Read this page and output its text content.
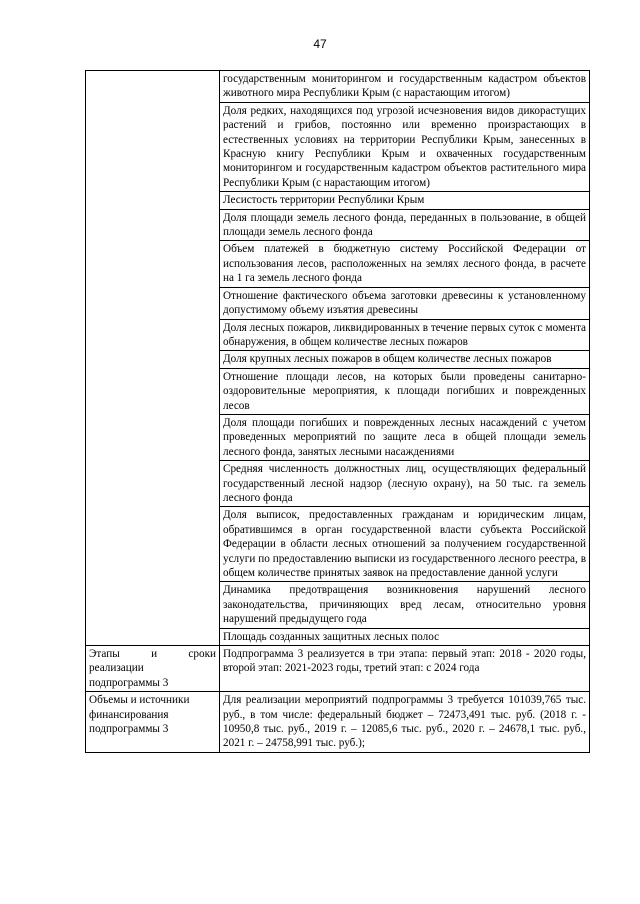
47
	государственным мониторингом и государственным кадастром объектов животного мира Республики Крым (с нарастающим итогом)
	Доля редких, находящихся под угрозой исчезновения видов дикорастущих растений и грибов, постоянно или временно произрастающих в естественных условиях на территории Республики Крым, занесенных в Красную книгу Республики Крым и охваченных государственным мониторингом и государственным кадастром объектов растительного мира Республики Крым (с нарастающим итогом)
	Лесистость территории Республики Крым
	Доля площади земель лесного фонда, переданных в пользование, в общей площади земель лесного фонда
	Объем платежей в бюджетную систему Российской Федерации от использования лесов, расположенных на землях лесного фонда, в расчете на 1 га земель лесного фонда
	Отношение фактического объема заготовки древесины к установленному допустимому объему изъятия древесины
	Доля лесных пожаров, ликвидированных в течение первых суток с момента обнаружения, в общем количестве лесных пожаров
	Доля крупных лесных пожаров в общем количестве лесных пожаров
	Отношение площади лесов, на которых были проведены санитарно-оздоровительные мероприятия, к площади погибших и поврежденных лесов
	Доля площади погибших и поврежденных лесных насаждений с учетом проведенных мероприятий по защите леса в общей площади земель лесного фонда, занятых лесными насаждениями
	Средняя численность должностных лиц, осуществляющих федеральный государственный лесной надзор (лесную охрану), на 50 тыс. га земель лесного фонда
	Доля выписок, предоставленных гражданам и юридическим лицам, обратившимся в орган государственной власти субъекта Российской Федерации в области лесных отношений за получением государственной услуги по предоставлению выписки из государственного лесного реестра, в общем количестве принятых заявок на предоставление данной услуги
	Динамика предотвращения возникновения нарушений лесного законодательства, причиняющих вред лесам, относительно уровня нарушений предыдущего года
	Площадь созданных защитных лесных полос
Этапы и сроки реализации подпрограммы 3	Подпрограмма 3 реализуется в три этапа: первый этап: 2018 - 2020 годы, второй этап: 2021-2023 годы, третий этап: с 2024 года
Объемы и источники финансирования подпрограммы 3	Для реализации мероприятий подпрограммы 3 требуется 101039,765 тыс. руб., в том числе: федеральный бюджет – 72473,491 тыс. руб. (2018 г. - 10950,8 тыс. руб., 2019 г. – 12085,6 тыс. руб., 2020 г. – 24678,1 тыс. руб., 2021 г. – 24758,991 тыс. руб.);
